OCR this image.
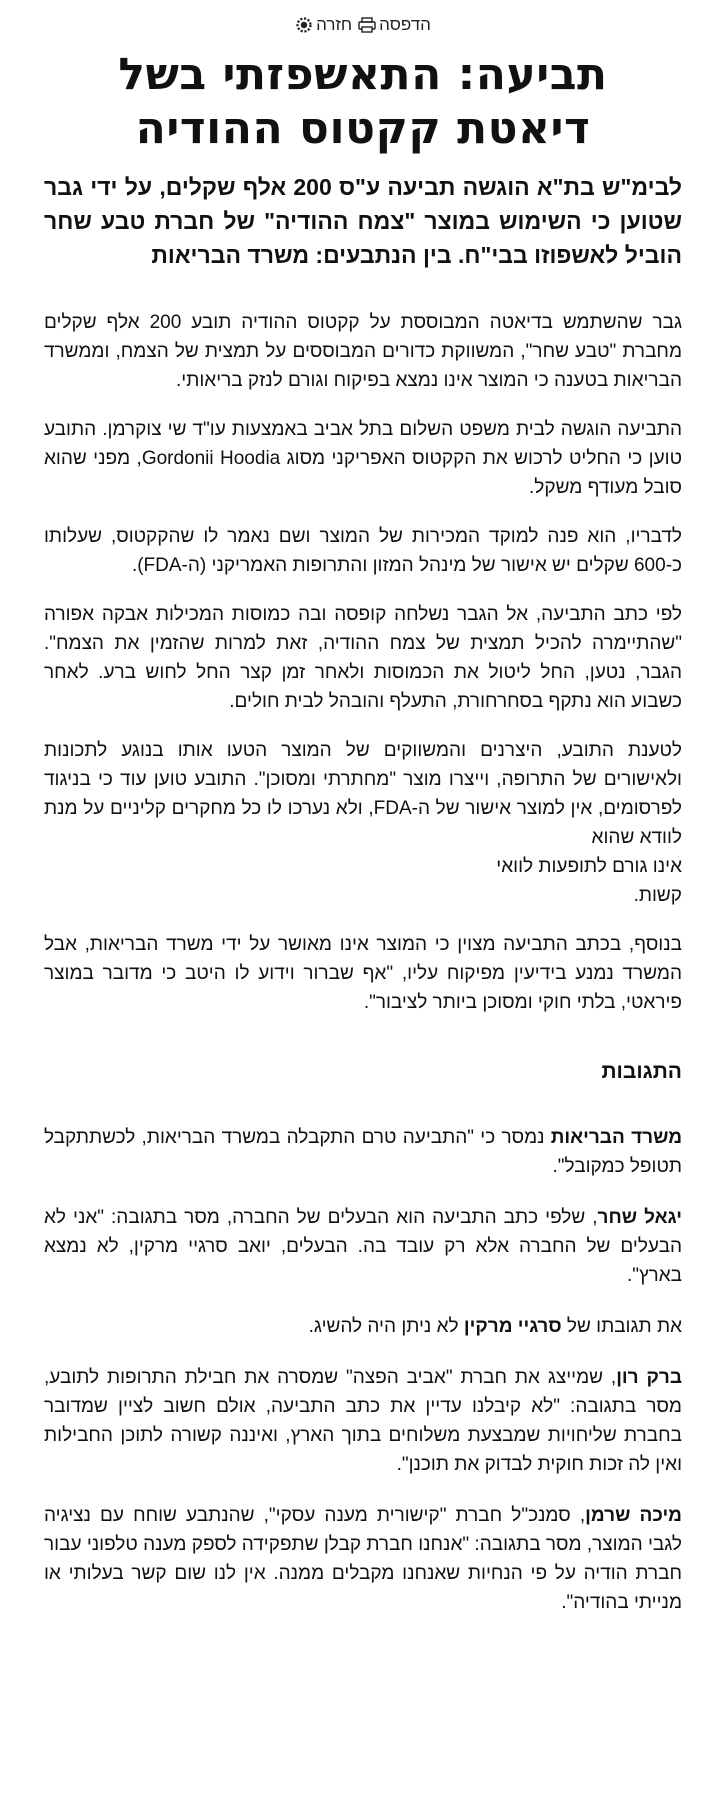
הדפסה
חזרה
תביעה: התאשפזתי בשל דיאטת קקטוס ההודיה

לבימ"ש בת"א הוגשה תביעה ע"ס 200 אלף שקלים, על ידי גבר שטוען כי השימוש במוצר "צמח ההודיה" של חברת טבע שחר הוביל לאשפוזו בבי"ח. בין הנתבעים: משרד הבריאות

גבר שהשתמש בדיאטה המבוססת על קקטוס ההודיה תובע 200 אלף שקלים מחברת "טבע שחר", המשווקת כדורים המבוססים על תמצית של הצמח, וממשרד הבריאות בטענה כי המוצר אינו נמצא בפיקוח וגורם לנזק בריאותי.

התביעה הוגשה לבית משפט השלום בתל אביב באמצעות עו"ד שי צוקרמן. התובע טוען כי החליט לרכוש את הקקטוס האפריקני מסוג Gordonii Hoodia, מפני שהוא סובל מעודף משקל.

לדבריו, הוא פנה למוקד המכירות של המוצר ושם נאמר לו שהקקטוס, שעלותו כ-600 שקלים יש אישור של מינהל המזון והתרופות האמריקני (ה-FDA).

לפי כתב התביעה, אל הגבר נשלחה קופסה ובה כמוסות המכילות אבקה אפורה "שהתיימרה להכיל תמצית של צמח ההודיה, זאת למרות שהזמין את הצמח". הגבר, נטען, החל ליטול את הכמוסות ולאחר זמן קצר החל לחוש ברע. לאחר כשבוע הוא נתקף בסחרחורת, התעלף והובהל לבית חולים.

לטענת התובע, היצרנים והמשווקים של המוצר הטעו אותו בנוגע לתכונות ולאישורים של התרופה, וייצרו מוצר "מחתרתי ומסוכן". התובע טוען עוד כי בניגוד לפרסומים, אין למוצר אישור של ה-FDA, ולא נערכו לו כל מחקרים קליניים על מנת לוודא שהוא
אינו גורם לתופעות לוואי
קשות.

בנוסף, בכתב התביעה מצוין כי המוצר אינו מאושר על ידי משרד הבריאות, אבל המשרד נמנע בידיעין מפיקוח עליו, "אף שברור וידוע לו היטב כי מדובר במוצר פיראטי, בלתי חוקי ומסוכן ביותר לציבור".

התגובות

משרד הבריאות נמסר כי "התביעה טרם התקבלה במשרד הבריאות, לכשתתקבל תטופל כמקובל".

יגאל שחר, שלפי כתב התביעה הוא הבעלים של החברה, מסר בתגובה: "אני לא הבעלים של החברה אלא רק עובד בה. הבעלים, יואב סרגיי מרקין, לא נמצא בארץ".

את תגובתו של סרגיי מרקין לא ניתן היה להשיג.

ברק רון, שמייצג את חברת "אביב הפצה" שמסרה את חבילת התרופות לתובע, מסר בתגובה: "לא קיבלנו עדיין את כתב התביעה, אולם חשוב לציין שמדובר בחברת שליחויות שמבצעת משלוחים בתוך הארץ, ואיננה קשורה לתוכן החבילות ואין לה זכות חוקית לבדוק את תוכנן".

מיכה שרמן, סמנכ"ל חברת "קישורית מענה עסקי", שהנתבע שוחח עם נציגיה לגבי המוצר, מסר בתגובה: "אנחנו חברת קבלן שתפקידה לספק מענה טלפוני עבור חברת הודיה על פי הנחיות שאנחנו מקבלים ממנה. אין לנו שום קשר בעלותי או מנייתי בהודיה".
